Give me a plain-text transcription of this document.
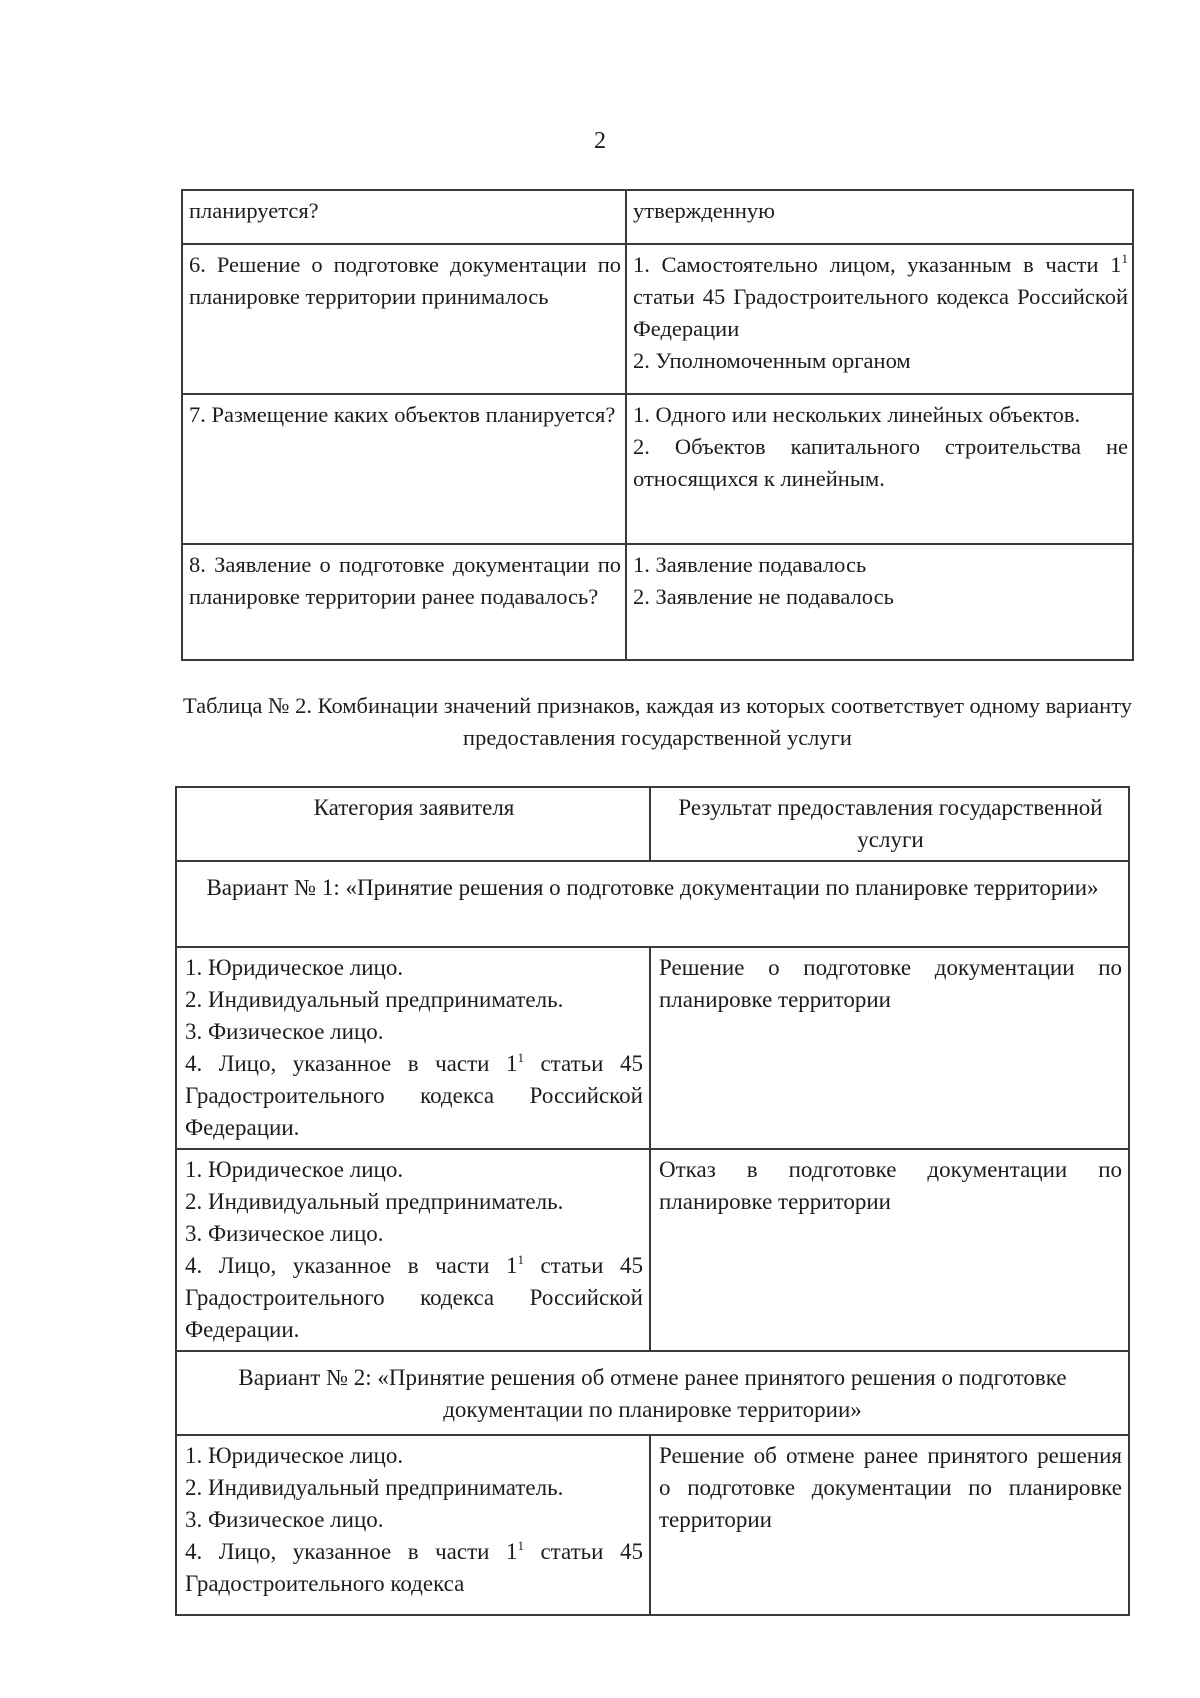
2
планируется?	утвержденную

6. Решение о подготовке документации по планировке территории принималось	1. Самостоятельно лицом, указанным в части $1^1$ статьи 45 Градостроительного кодекса Российской Федерации
2. Уполномоченным органом

7. Размещение каких объектов планируется?	1. Одного или нескольких линейных объектов.
2. Объектов капитального строительства не относящихся к линейным.

8. Заявление о подготовке документации по планировке территории ранее подавалось?	1. Заявление подавалось
2. Заявление не подавалось
Таблица № 2. Комбинации значений признаков, каждая из которых соответствует одному варианту предоставления государственной услуги
Категория заявителя	Результат предоставления государственной услуги
Вариант № 1: «Принятие решения о подготовке документации по планировке территории»	

1. Юридическое лицо.
2. Индивидуальный предприниматель.
3. Физическое лицо.
4. Лицо, указанное в части $1^1$ статьи 45 Градостроительного кодекса Российской Федерации.	Решение о подготовке документации по планировке территории

1. Юридическое лицо.
2. Индивидуальный предприниматель.
3. Физическое лицо.
4. Лицо, указанное в части $1^1$ статьи 45 Градостроительного кодекса Российской Федерации.	Отказ в подготовке документации по планировке территории
Вариант № 2: «Принятие решения об отмене ранее принятого решения о подготовке документации по планировке территории»	

1. Юридическое лицо.
2. Индивидуальный предприниматель.
3. Физическое лицо.
4. Лицо, указанное в части $1^1$ статьи 45 Градостроительного кодекса	Решение об отмене ранее принятого решения о подготовке документации по планировке территории
